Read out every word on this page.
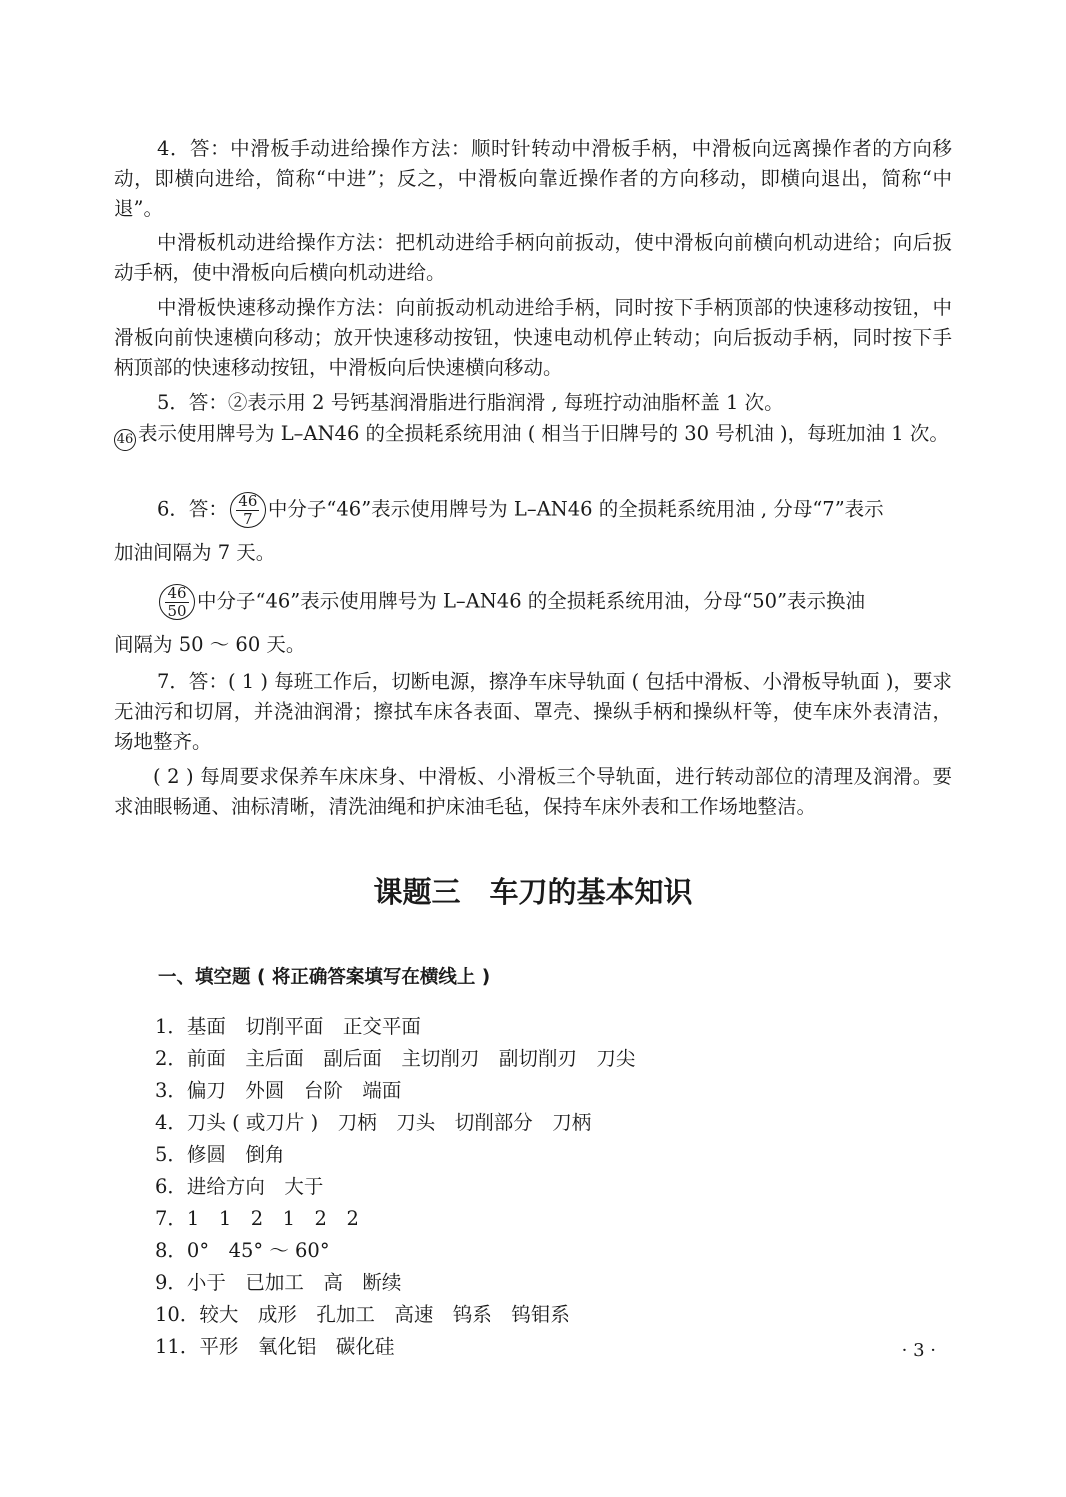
4．答：中滑板手动进给操作方法：顺时针转动中滑板手柄，中滑板向远离操作者的方向移动，即横向进给，简称“中进”；反之，中滑板向靠近操作者的方向移动，即横向退出，简称“中退”。

中滑板机动进给操作方法：把机动进给手柄向前扳动，使中滑板向前横向机动进给；向后扳动手柄，使中滑板向后横向机动进给。

中滑板快速移动操作方法：向前扳动机动进给手柄，同时按下手柄顶部的快速移动按钮，中滑板向前快速横向移动；放开快速移动按钮，快速电动机停止转动；向后扳动手柄，同时按下手柄顶部的快速移动按钮，中滑板向后快速横向移动。

5．答：②表示用 2 号钙基润滑脂进行脂润滑 , 每班拧动油脂杯盖 1 次。

46 表示使用牌号为 L–AN46 的全损耗系统用油 ( 相当于旧牌号的 30 号机油 )，每班加油 1 次。

6．答： $\frac{46}{7}$ 中分子“46”表示使用牌号为 L–AN46 的全损耗系统用油 , 分母“7”表示

加油间隔为 7 天。

$\frac{46}{50}$ 中分子“46”表示使用牌号为 L–AN46 的全损耗系统用油，分母“50”表示换油

间隔为 50 ～ 60 天。

7．答：( 1 ) 每班工作后，切断电源，擦净车床导轨面 ( 包括中滑板、小滑板导轨面 )，要求无油污和切屑，并浇油润滑；擦拭车床各表面、罩壳、操纵手柄和操纵杆等，使车床外表清洁，场地整齐。

( 2 ) 每周要求保养车床床身、中滑板、小滑板三个导轨面，进行转动部位的清理及润滑。要求油眼畅通、油标清晰，清洗油绳和护床油毛毡，保持车床外表和工作场地整洁。

课题三　车刀的基本知识
一、填空题 ( 将正确答案填写在横线上 )

1．基面　切削平面　正交平面

2．前面　主后面　副后面　主切削刃　副切削刃　刀尖

3．偏刀　外圆　台阶　端面

4．刀头 ( 或刀片 )　刀柄　刀头　切削部分　刀柄

5．修圆　倒角

6．进给方向　大于

7．1　1　2　1　2　2

8．0°　45° ～ 60°

9．小于　已加工　高　断续

10．较大　成形　孔加工　高速　钨系　钨钼系

11．平形　氧化铝　碳化硅	· 3 ·
